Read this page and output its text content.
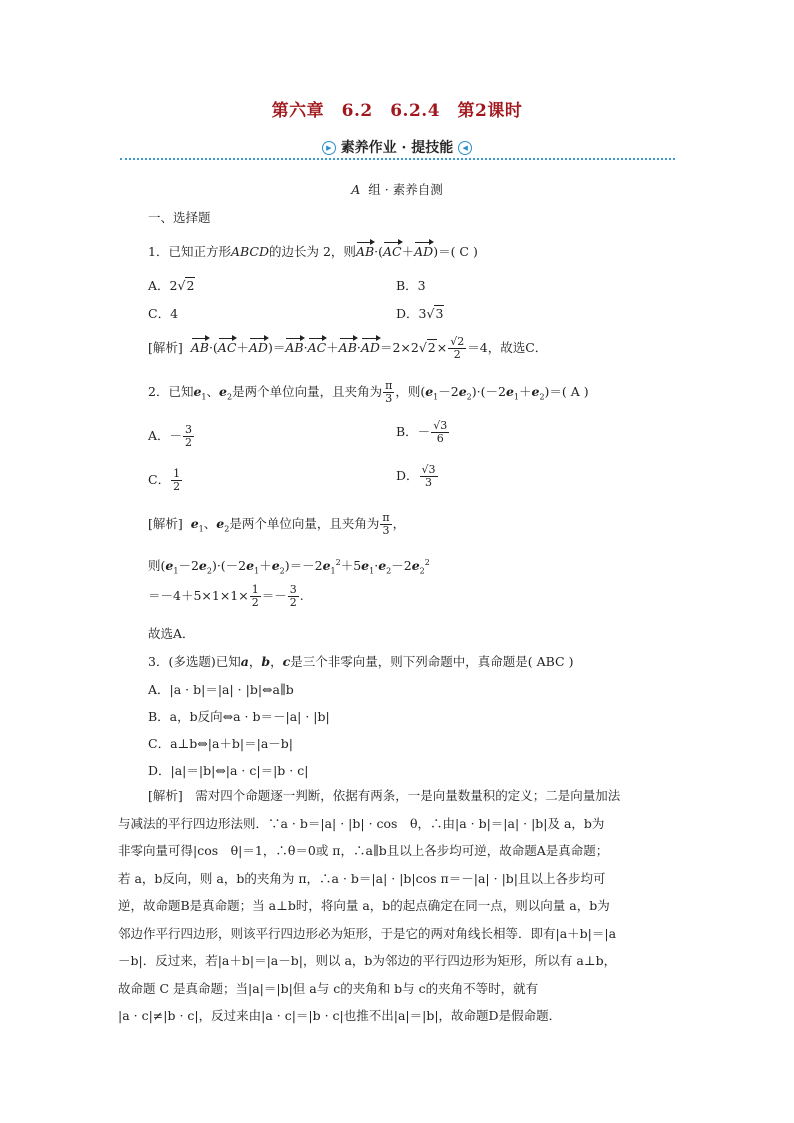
第六章　6.2　6.2.4　第2课时
▶ 素养作业 · 提技能 ◀
A 组 · 素养自测
一、选择题
1．已知正方形ABCD的边长为 2，则AB·(AC＋AD)＝( C )
A．2√2	B．3
C．4	D．3√3
[解析] $AB\cdot(AC+AD)=AB\cdot AC+AB\cdot AD=2\times 2√2\times \frac{√2}{2} =4$，故选C．
2．已知$e_1$、$e_2$是两个单位向量，且夹角为 $\frac{\pi}{3}$ ，则$(e_1-2e_2)\cdot(-2e_1+e_2)=$( A )
A．－ $\frac{3}{2}$	B．－ $\frac{√3}{6}$
C． $\frac{1}{2}$	D． $\frac{√3}{3}$
[解析] $e_1$、$e_2$是两个单位向量，且夹角为 $\frac{\pi}{3}$ ，
则$(e_1-2e_2)\cdot(-2e_1+e_2)=-2e_1^2+5e_1\cdot e_2-2e_2^2$
$=-4+5\times 1\times 1\times \frac{1}{2} =- \frac{3}{2}$ .
故选A．
3．(多选题)已知a，b，c是三个非零向量，则下列命题中，真命题是( ABC )
A．|a · b|＝|a| · |b|⇔a∥b
B．a，b反向⇔a · b＝－|a| · |b|
C．a⊥b⇔|a＋b|＝|a－b|
D．|a|＝|b|⇔|a · c|＝|b · c|
[解析]　需对四个命题逐一判断，依据有两条，一是向量数量积的定义；二是向量加法
与减法的平行四边形法则．∵a · b＝|a| · |b| · cos　θ，∴由|a · b|＝|a| · |b|及 a，b为
非零向量可得|cos　θ|＝1，∴θ＝0或 π，∴a∥b且以上各步均可逆，故命题A是真命题；
若 a，b反向，则 a，b的夹角为 π，∴a · b＝|a| · |b|cos π＝－|a| · |b|且以上各步均可
逆，故命题B是真命题；当 a⊥b时，将向量 a，b的起点确定在同一点，则以向量 a，b为
邻边作平行四边形，则该平行四边形必为矩形，于是它的两对角线长相等．即有|a＋b|＝|a
－b|．反过来，若|a＋b|＝|a－b|，则以 a，b为邻边的平行四边形为矩形，所以有 a⊥b，
故命题 C 是真命题；当|a|＝|b|但 a与 c的夹角和 b与 c的夹角不等时，就有
|a · c|≠|b · c|，反过来由|a · c|＝|b · c|也推不出|a|＝|b|，故命题D是假命题．
